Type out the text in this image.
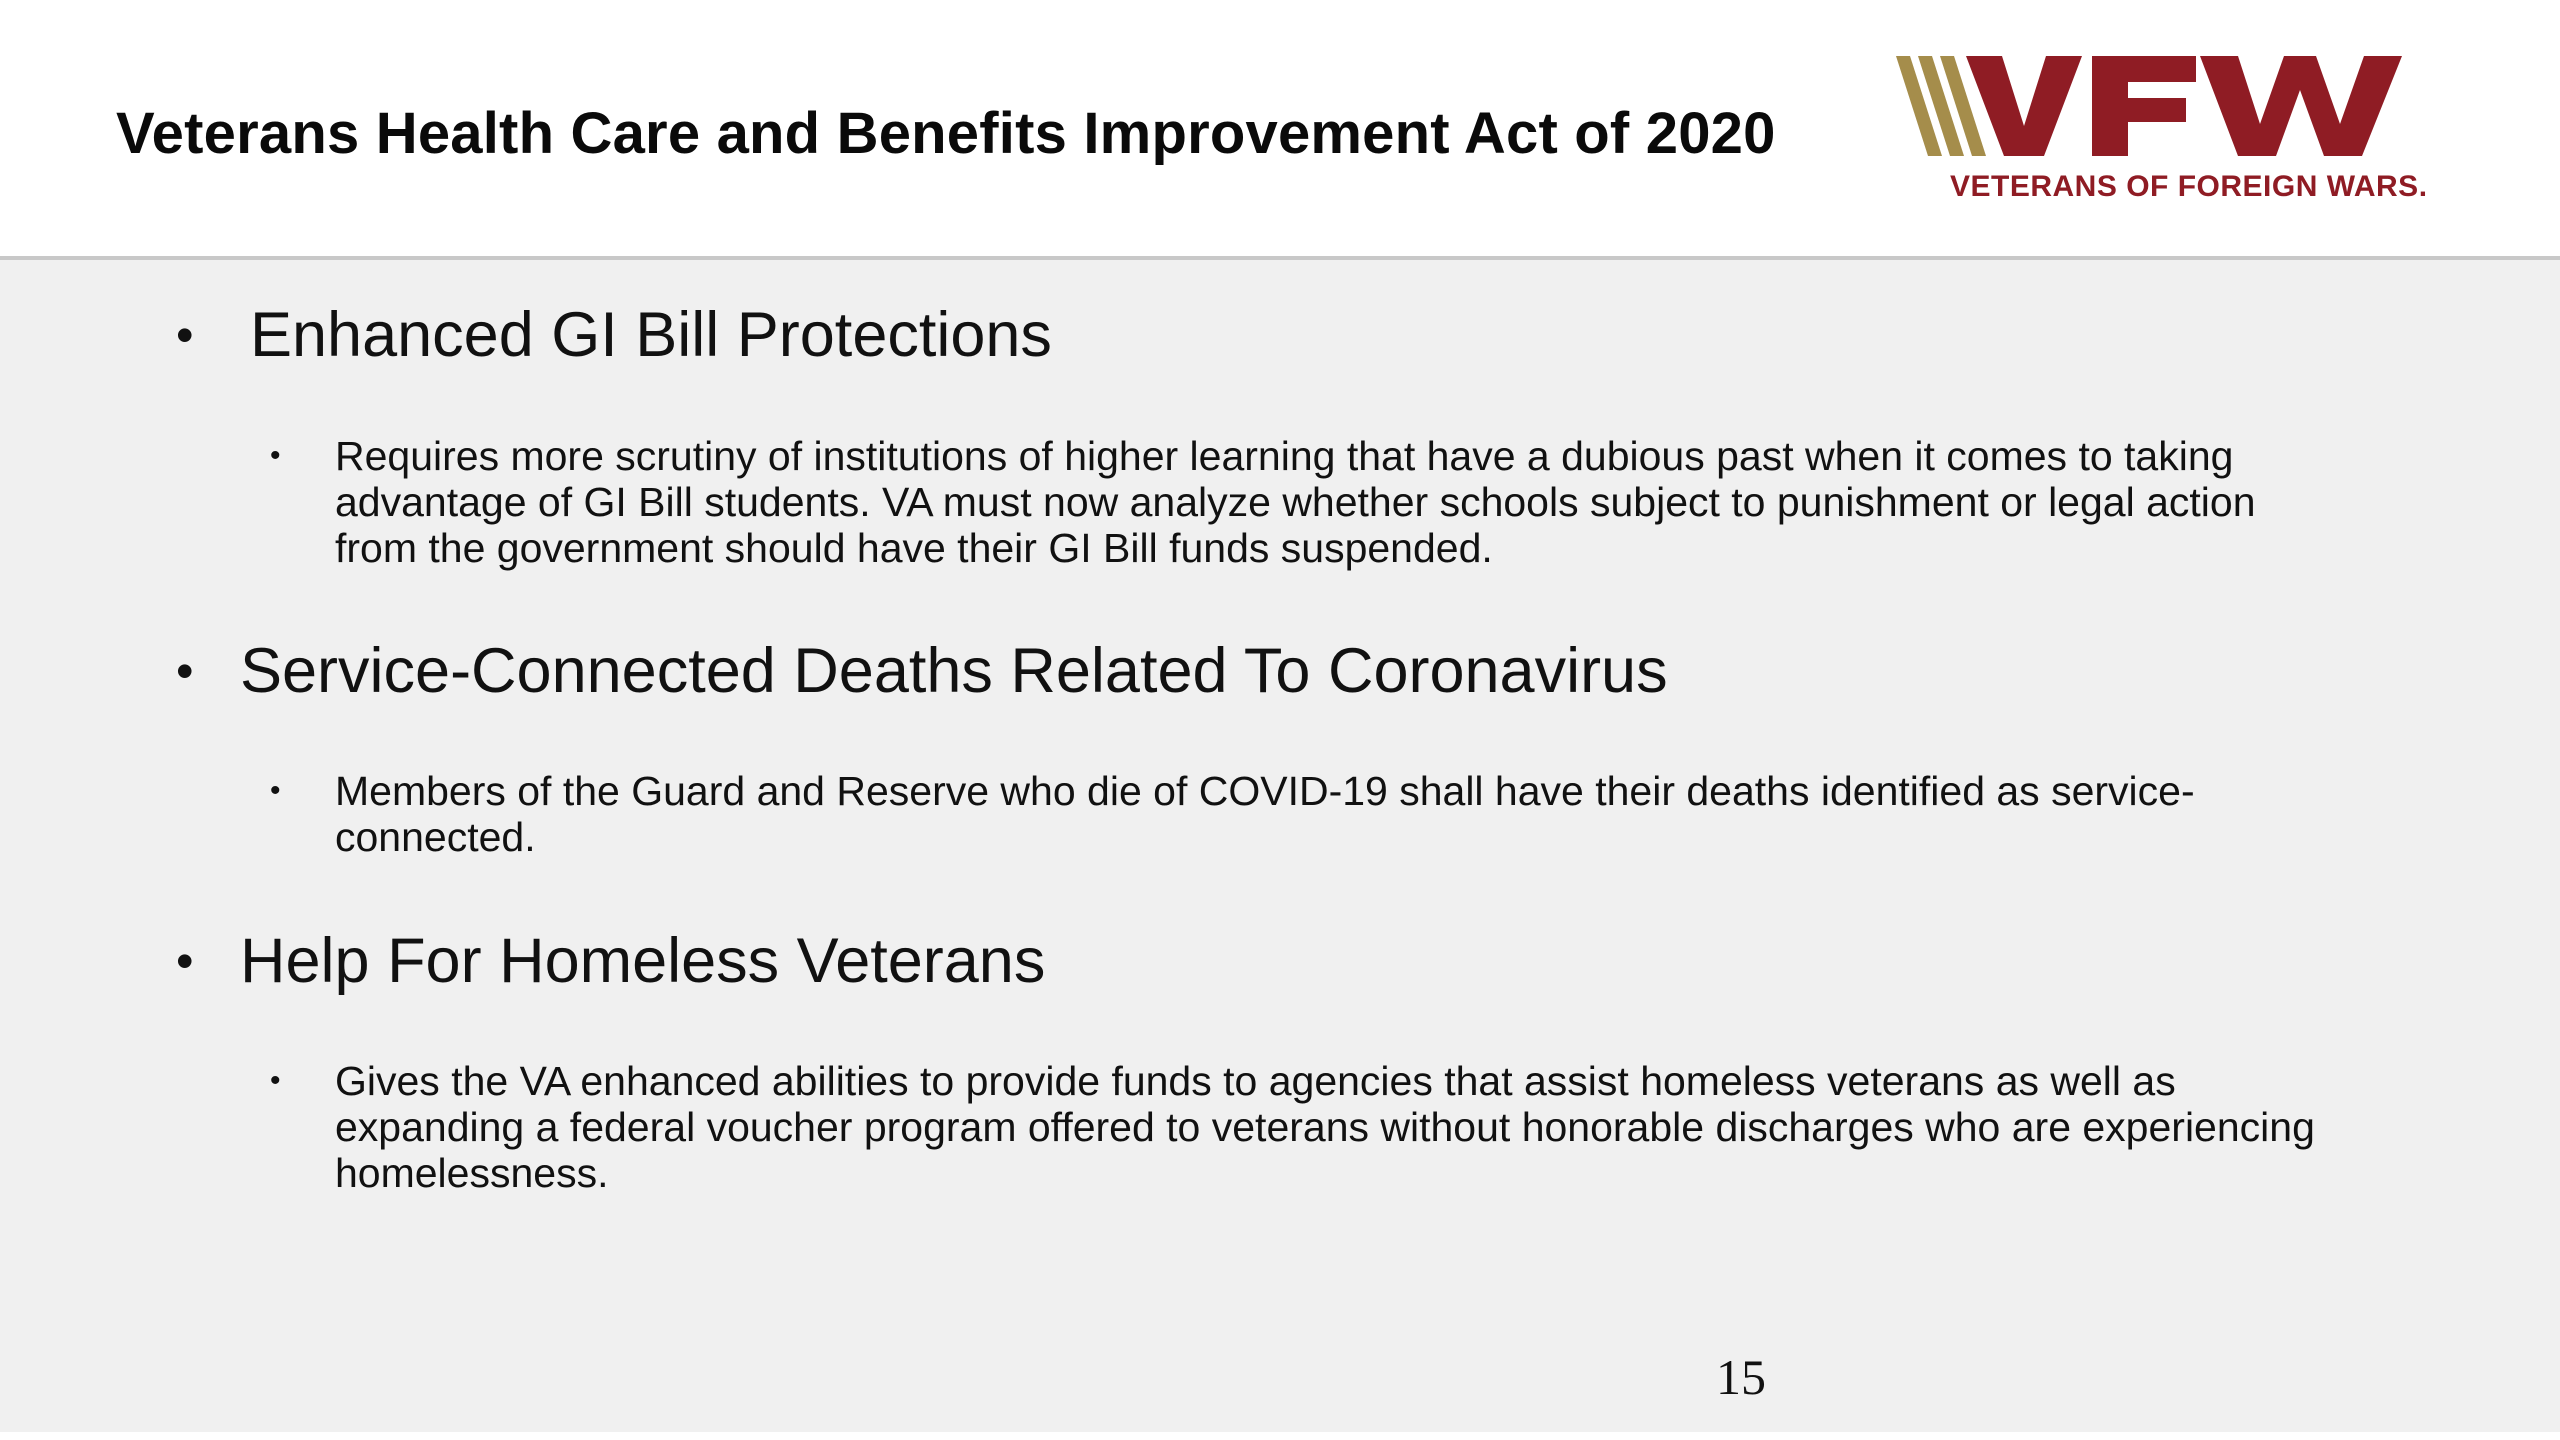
Veterans Health Care and Benefits Improvement Act of 2020
VETERANS OF FOREIGN WARS.
• Enhanced GI Bill Protections
• Requires more scrutiny of institutions of higher learning that have a dubious past when it comes to taking advantage of GI Bill students. VA must now analyze whether schools subject to punishment or legal action from the government should have their GI Bill funds suspended.
• Service-Connected Deaths Related To Coronavirus
• Members of the Guard and Reserve who die of COVID-19 shall have their deaths identified as service-connected.
• Help For Homeless Veterans
• Gives the VA enhanced abilities to provide funds to agencies that assist homeless veterans as well as expanding a federal voucher program offered to veterans without honorable discharges who are experiencing homelessness.
15
